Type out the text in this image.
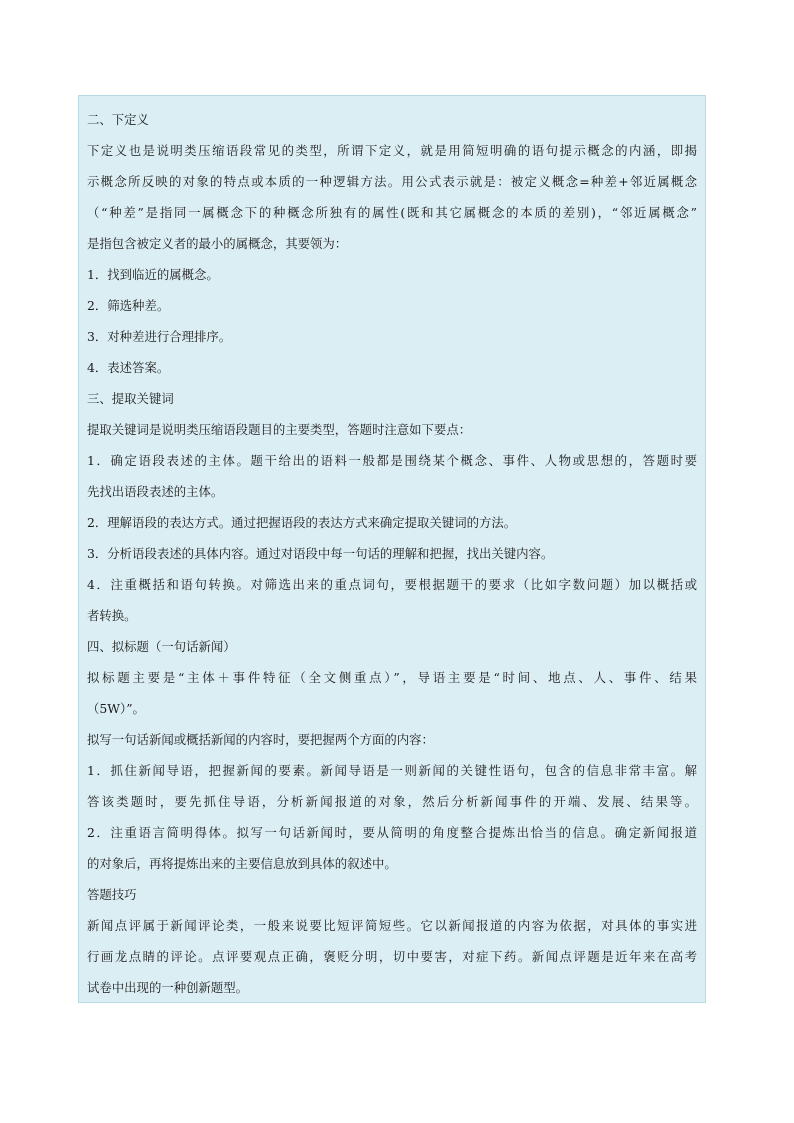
二、下定义
下定义也是说明类压缩语段常见的类型，所谓下定义，就是用简短明确的语句提示概念的内涵，即揭
示概念所反映的对象的特点或本质的一种逻辑方法。用公式表示就是：被定义概念=种差+邻近属概念
（“种差”是指同一属概念下的种概念所独有的属性(既和其它属概念的本质的差别)，“邻近属概念”
是指包含被定义者的最小的属概念，其要领为：
1．找到临近的属概念。
2．筛选种差。
3．对种差进行合理排序。
4．表述答案。
三、提取关键词
提取关键词是说明类压缩语段题目的主要类型，答题时注意如下要点：
1．确定语段表述的主体。题干给出的语料一般都是围绕某个概念、事件、人物或思想的，答题时要
先找出语段表述的主体。
2．理解语段的表达方式。通过把握语段的表达方式来确定提取关键词的方法。
3．分析语段表述的具体内容。通过对语段中每一句话的理解和把握，找出关键内容。
4．注重概括和语句转换。对筛选出来的重点词句，要根据题干的要求（比如字数问题）加以概括或
者转换。
四、拟标题（一句话新闻）
拟标题主要是“主体＋事件特征（全文侧重点）”，导语主要是“时间、地点、人、事件、结果
（5W）”。
拟写一句话新闻或概括新闻的内容时，要把握两个方面的内容：
1．抓住新闻导语，把握新闻的要素。新闻导语是一则新闻的关键性语句，包含的信息非常丰富。解
答该类题时，要先抓住导语，分析新闻报道的对象，然后分析新闻事件的开端、发展、结果等。
2．注重语言简明得体。拟写一句话新闻时，要从简明的角度整合提炼出恰当的信息。确定新闻报道
的对象后，再将提炼出来的主要信息放到具体的叙述中。
答题技巧
新闻点评属于新闻评论类，一般来说要比短评简短些。它以新闻报道的内容为依据，对具体的事实进
行画龙点睛的评论。点评要观点正确，褒贬分明，切中要害，对症下药。新闻点评题是近年来在高考
试卷中出现的一种创新题型。
